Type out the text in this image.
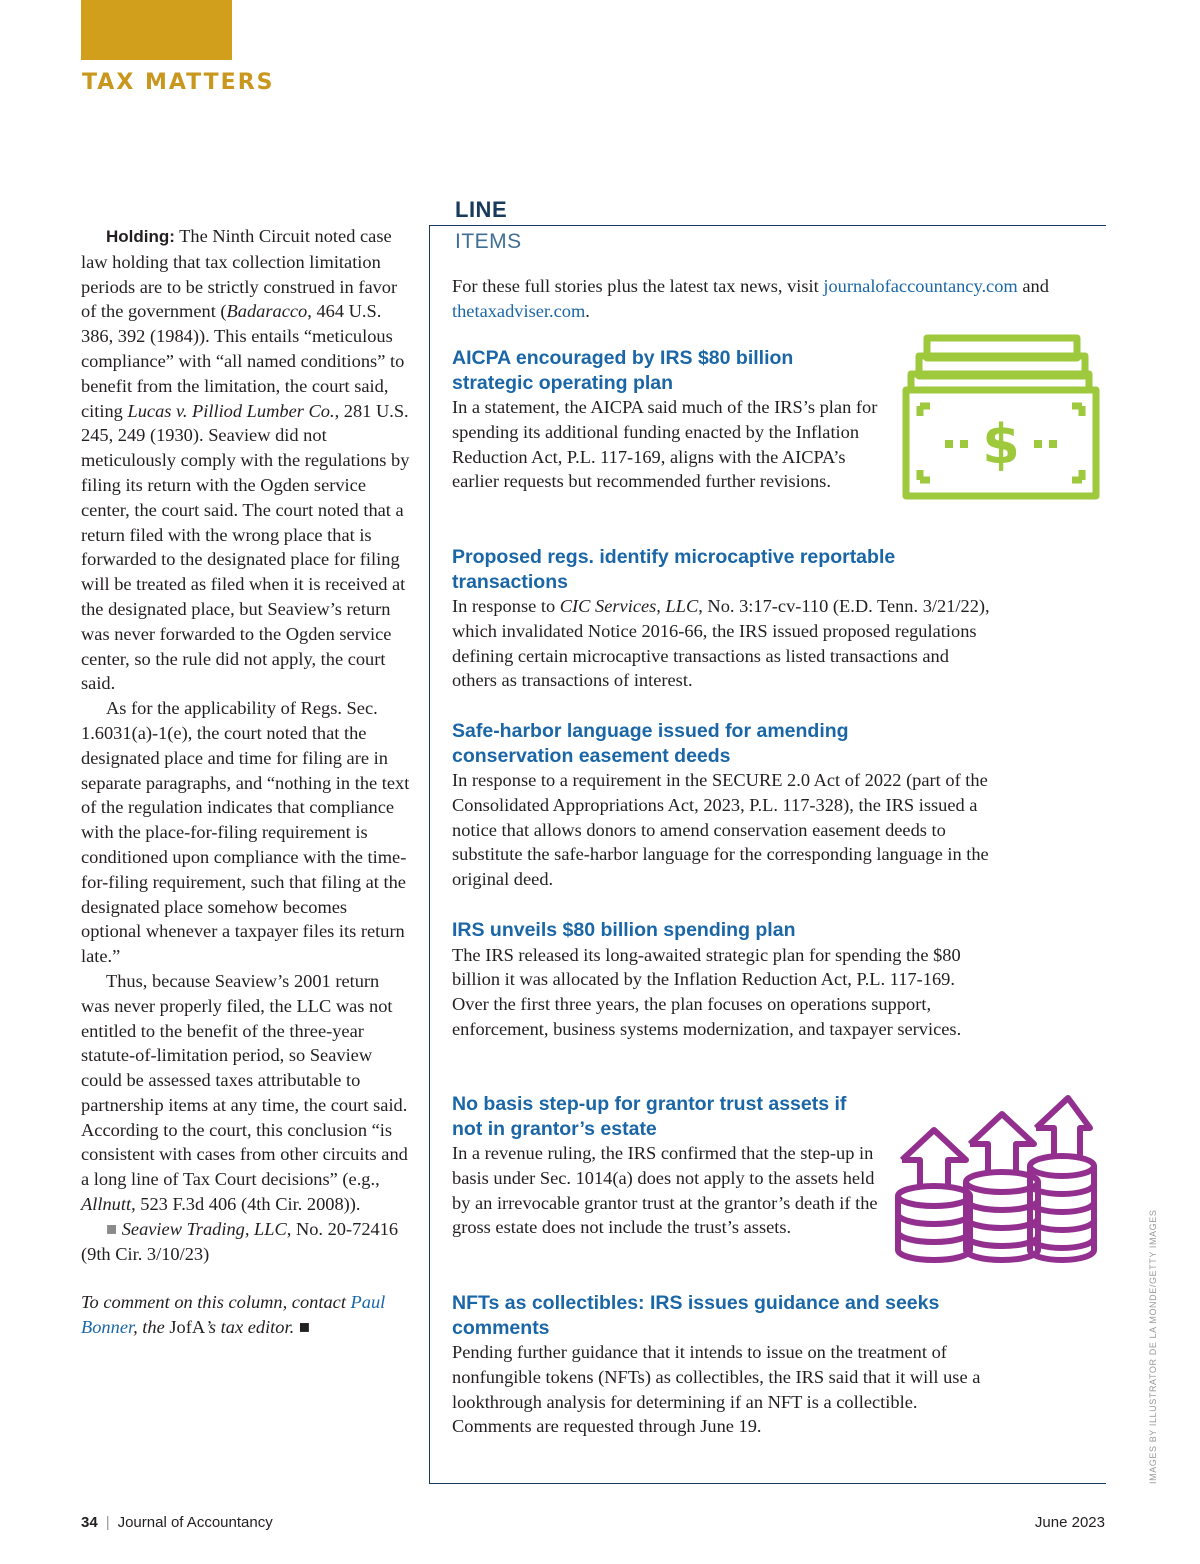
TAX MATTERS

Holding: The Ninth Circuit noted case law holding that tax collection limitation periods are to be strictly construed in favor of the government (Badaracco, 464 U.S. 386, 392 (1984)). This entails “meticulous compliance” with “all named conditions” to benefit from the limitation, the court said, citing Lucas v. Pilliod Lumber Co., 281 U.S. 245, 249 (1930). Seaview did not meticulously comply with the regulations by filing its return with the Ogden service center, the court said. The court noted that a return filed with the wrong place that is forwarded to the designated place for filing will be treated as filed when it is received at the designated place, but Seaview’s return was never forwarded to the Ogden service center, so the rule did not apply, the court said.

As for the applicability of Regs. Sec. 1.6031(a)-1(e), the court noted that the designated place and time for filing are in separate paragraphs, and “nothing in the text of the regulation indicates that compliance with the place-for-filing requirement is conditioned upon compliance with the time-for-filing requirement, such that filing at the designated place somehow becomes optional whenever a taxpayer files its return late.”

Thus, because Seaview’s 2001 return was never properly filed, the LLC was not entitled to the benefit of the three-year statute-of-limitation period, so Seaview could be assessed taxes attributable to partnership items at any time, the court said. According to the court, this conclusion “is consistent with cases from other circuits and a long line of Tax Court decisions” (e.g., Allnutt, 523 F.3d 406 (4th Cir. 2008)).

■ Seaview Trading, LLC, No. 20-72416 (9th Cir. 3/10/23)

To comment on this column, contact Paul Bonner, the JofA’s tax editor. ■

LINE
ITEMS
For these full stories plus the latest tax news, visit journalofaccountancy.com and thetaxadviser.com.
AICPA encouraged by IRS $80 billion strategic operating plan

In a statement, the AICPA said much of the IRS’s plan for spending its additional funding enacted by the Inflation Reduction Act, P.L. 117-169, aligns with the AICPA’s earlier requests but recommended further revisions.

Proposed regs. identify microcaptive reportable transactions

In response to CIC Services, LLC, No. 3:17-cv-110 (E.D. Tenn. 3/21/22), which invalidated Notice 2016-66, the IRS issued proposed regulations defining certain microcaptive transactions as listed transactions and others as transactions of interest.

Safe-harbor language issued for amending conservation easement deeds

In response to a requirement in the SECURE 2.0 Act of 2022 (part of the Consolidated Appropriations Act, 2023, P.L. 117-328), the IRS issued a notice that allows donors to amend conservation easement deeds to substitute the safe-harbor language for the corresponding language in the original deed.

IRS unveils $80 billion spending plan

The IRS released its long-awaited strategic plan for spending the $80 billion it was allocated by the Inflation Reduction Act, P.L. 117-169. Over the first three years, the plan focuses on operations support, enforcement, business systems modernization, and taxpayer services.

No basis step-up for grantor trust assets if not in grantor’s estate

In a revenue ruling, the IRS confirmed that the step-up in basis under Sec. 1014(a) does not apply to the assets held by an irrevocable grantor trust at the grantor’s death if the gross estate does not include the trust’s assets.

NFTs as collectibles: IRS issues guidance and seeks comments

Pending further guidance that it intends to issue on the treatment of nonfungible tokens (NFTs) as collectibles, the IRS said that it will use a lookthrough analysis for determining if an NFT is a collectible. Comments are requested through June 19.

$
34 | Journal of Accountancy	June 2023
IMAGES BY ILLUSTRATOR DE LA MONDE/GETTY IMAGES
